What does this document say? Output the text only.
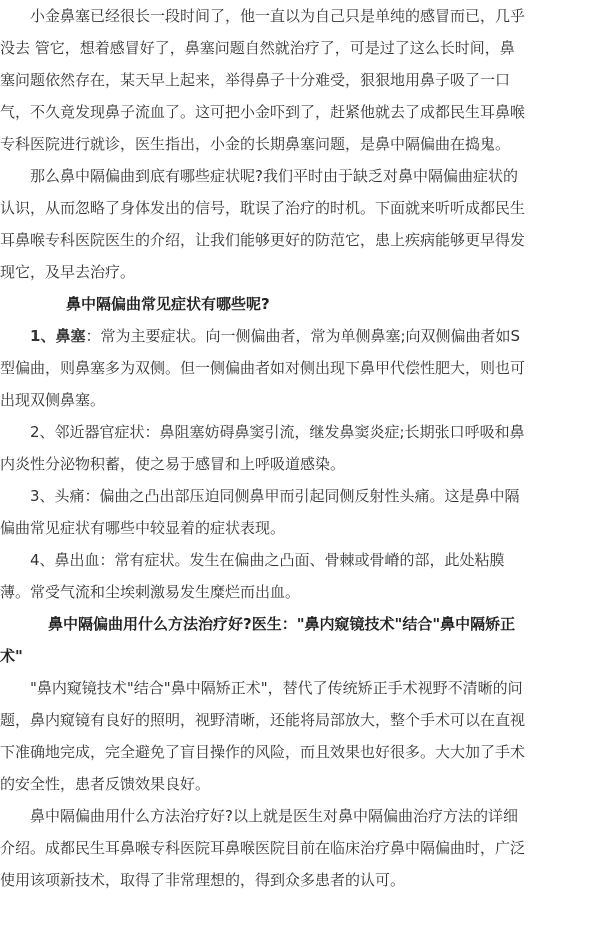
　　小金鼻塞已经很长一段时间了，他一直以为自己只是单纯的感冒而已，几乎
没去 管它，想着感冒好了，鼻塞问题自然就治疗了，可是过了这么长时间，鼻
塞问题依然存在，某天早上起来，举得鼻子十分难受，狠狠地用鼻子吸了一口
气，不久竟发现鼻子流血了。这可把小金吓到了，赶紧他就去了成都民生耳鼻喉
专科医院进行就诊，医生指出，小金的长期鼻塞问题，是鼻中隔偏曲在捣鬼。
　　那么鼻中隔偏曲到底有哪些症状呢?我们平时由于缺乏对鼻中隔偏曲症状的
认识，从而忽略了身体发出的信号，耽误了治疗的时机。下面就来听听成都民生
耳鼻喉专科医院医生的介绍，让我们能够更好的防范它，患上疾病能够更早得发
现它，及早去治疗。
鼻中隔偏曲常见症状有哪些呢?
　　1、鼻塞：常为主要症状。向一侧偏曲者，常为单侧鼻塞;向双侧偏曲者如S
型偏曲，则鼻塞多为双侧。但一侧偏曲者如对侧出现下鼻甲代偿性肥大，则也可
出现双侧鼻塞。
　　2、邻近器官症状：鼻阻塞妨碍鼻窦引流，继发鼻窦炎症;长期张口呼吸和鼻
内炎性分泌物积蓄，使之易于感冒和上呼吸道感染。
　　3、头痛：偏曲之凸出部压迫同侧鼻甲而引起同侧反射性头痛。这是鼻中隔
偏曲常见症状有哪些中较显着的症状表现。
　　4、鼻出血：常有症状。发生在偏曲之凸面、骨棘或骨嵴的部，此处粘膜
薄。常受气流和尘埃刺激易发生糜烂而出血。
鼻中隔偏曲用什么方法治疗好?医生："鼻内窥镜技术"结合"鼻中隔矫正
术"
　　"鼻内窥镜技术"结合"鼻中隔矫正术"，替代了传统矫正手术视野不清晰的问
题，鼻内窥镜有良好的照明，视野清晰，还能将局部放大，整个手术可以在直视
下准确地完成，完全避免了盲目操作的风险，而且效果也好很多。大大加了手术
的安全性，患者反馈效果良好。
　　鼻中隔偏曲用什么方法治疗好?以上就是医生对鼻中隔偏曲治疗方法的详细
介绍。成都民生耳鼻喉专科医院耳鼻喉医院目前在临床治疗鼻中隔偏曲时，广泛
使用该项新技术，取得了非常理想的，得到众多患者的认可。
